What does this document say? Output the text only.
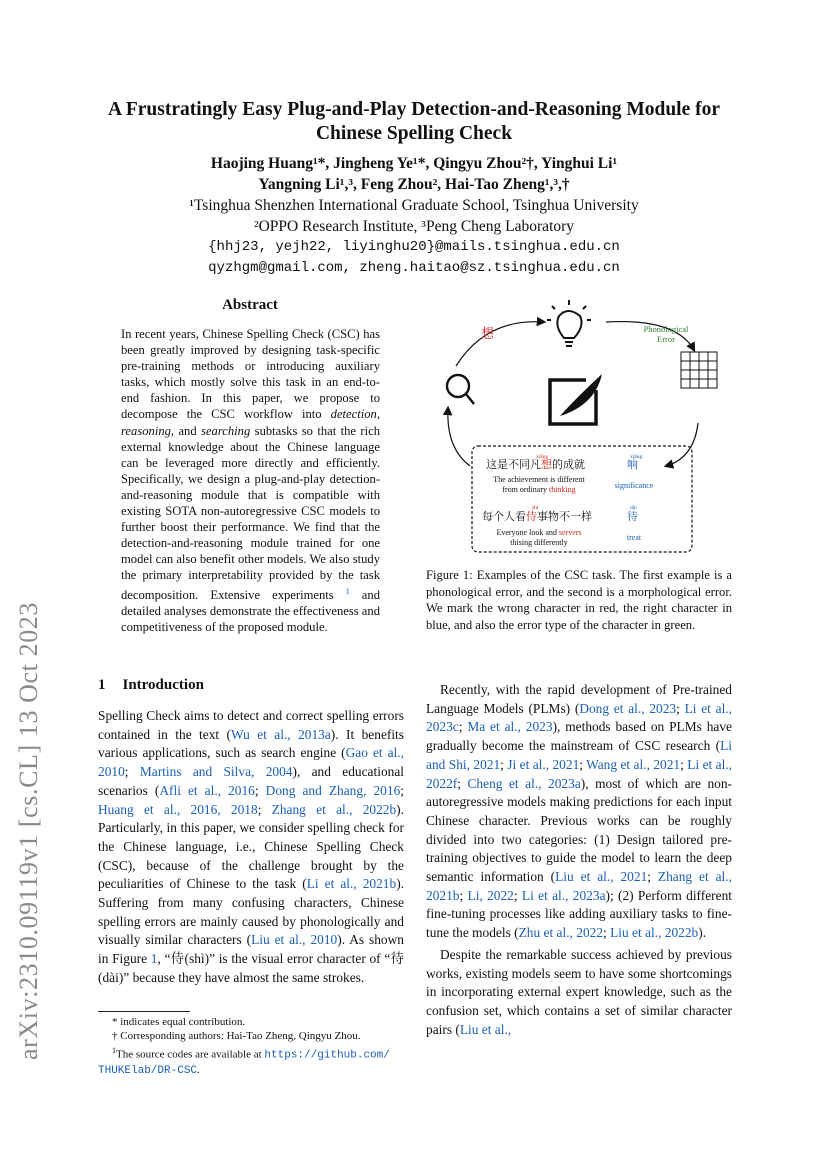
arXiv:2310.09119v1 [cs.CL] 13 Oct 2023
A Frustratingly Easy Plug-and-Play Detection-and-Reasoning Module for
Chinese Spelling Check
Haojing Huang¹*, Jingheng Ye¹*, Qingyu Zhou²†, Yinghui Li¹
Yangning Li¹,³, Feng Zhou², Hai-Tao Zheng¹,³,†
¹Tsinghua Shenzhen International Graduate School, Tsinghua University
²OPPO Research Institute, ³Peng Cheng Laboratory
{hhj23, yejh22, liyinghu20}@mails.tsinghua.edu.cn
qyzhgm@gmail.com, zheng.haitao@sz.tsinghua.edu.cn
Abstract
In recent years, Chinese Spelling Check (CSC) has been greatly improved by designing task-specific pre-training methods or introducing auxiliary tasks, which mostly solve this task in an end-to-end fashion. In this paper, we propose to decompose the CSC workflow into detection, reasoning, and searching subtasks so that the rich external knowledge about the Chinese language can be leveraged more directly and efficiently. Specifically, we design a plug-and-play detection-and-reasoning module that is compatible with existing SOTA non-autoregressive CSC models to further boost their performance. We find that the detection-and-reasoning module trained for one model can also benefit other models. We also study the primary interpretability provided by the task decomposition. Extensive experiments $^1$ and detailed analyses demonstrate the effectiveness and competitiveness of the proposed module.
想	Phonological
Error
xiǎng
这是不同凡想的成就
xiǎng
响
The achievement is different
from ordinary thinking	significance
shì
每个人看侍事物不一样
dài
待
Everyone look and servers
thising differently
treat
Figure 1: Examples of the CSC task. The first example is a phonological error, and the second is a morphological error. We mark the wrong character in red, the right character in blue, and also the error type of the character in green.
1 Introduction

Spelling Check aims to detect and correct spelling errors contained in the text (Wu et al., 2013a). It benefits various applications, such as search engine (Gao et al., 2010; Martins and Silva, 2004), and educational scenarios (Afli et al., 2016; Dong and Zhang, 2016; Huang et al., 2016, 2018; Zhang et al., 2022b). Particularly, in this paper, we consider spelling check for the Chinese language, i.e., Chinese Spelling Check (CSC), because of the challenge brought by the peculiarities of Chinese to the task (Li et al., 2021b). Suffering from many confusing characters, Chinese spelling errors are mainly caused by phonologically and visually similar characters (Liu et al., 2010). As shown in Figure 1, “侍(shì)” is the visual error character of “待(dài)” because they have almost the same strokes.

* indicates equal contribution.

† Corresponding authors: Hai-Tao Zheng, Qingyu Zhou.

$^1$The source codes are available at https://github.com/

THUKElab/DR-CSC.

Recently, with the rapid development of Pre-trained Language Models (PLMs) (Dong et al., 2023; Li et al., 2023c; Ma et al., 2023), methods based on PLMs have gradually become the mainstream of CSC research (Li and Shi, 2021; Ji et al., 2021; Wang et al., 2021; Li et al., 2022f; Cheng et al., 2023a), most of which are non-autoregressive models making predictions for each input Chinese character. Previous works can be roughly divided into two categories: (1) Design tailored pre-training objectives to guide the model to learn the deep semantic information (Liu et al., 2021; Zhang et al., 2021b; Li, 2022; Li et al., 2023a); (2) Perform different fine-tuning processes like adding auxiliary tasks to fine-tune the models (Zhu et al., 2022; Liu et al., 2022b).

Despite the remarkable success achieved by previous works, existing models seem to have some shortcomings in incorporating external expert knowledge, such as the confusion set, which contains a set of similar character pairs (Liu et al.,
